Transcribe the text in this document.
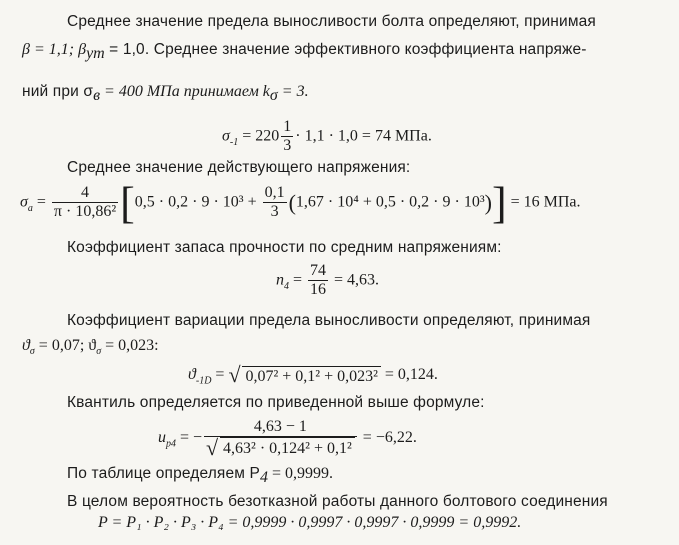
Среднее значение предела выносливости болта определяют, принимая
β = 1,1; $\beta_{уm} = 1,0$. Среднее значение эффективного коэффициента напряже-
ний при $\sigma_в = 400$ МПа принимаем $k_\sigma = 3$.
$\sigma_{-1} = 220 \frac{1}{3} \cdot 1,1 \cdot 1,0 = 74$ МПа.
Среднее значение действующего напряжения:
$\sigma_a = \frac{4}{\text{π · 10,86²}} [0,5 \cdot 0,2 \cdot 9 \cdot 10^3 + \frac{0,1}{3} (1,67 \cdot 10^4 + 0,5 \cdot 0,2 \cdot 9 \cdot 10^3)] = 16$ МПа.
Коэффициент запаса прочности по средним напряжениям:
$n_4 = \frac{74}{16} = 4,63$.
Коэффициент вариации предела выносливости определяют, принимая
$ϑ_\sigma = 0,07$; $ϑ_\sigma = 0,023$:
$ϑ_{-1D}$ = √ 0,07² + 0,1² + 0,023² = 0,124.
Квантиль определяется по приведенной выше формуле:
$u_{p4}$ = − $\frac{4,63 - 1}{\text{√ 4,63² · 0,124² + 0,1²}} = -6,22$.
По таблице определяем $P_4 = 0,9999$.
В целом вероятность безотказной работы данного болтового соединения
P = P₁ · P₂ · P₃ · P₄ = 0,9999 · 0,9997 · 0,9997 · 0,9999 = 0,9992.
